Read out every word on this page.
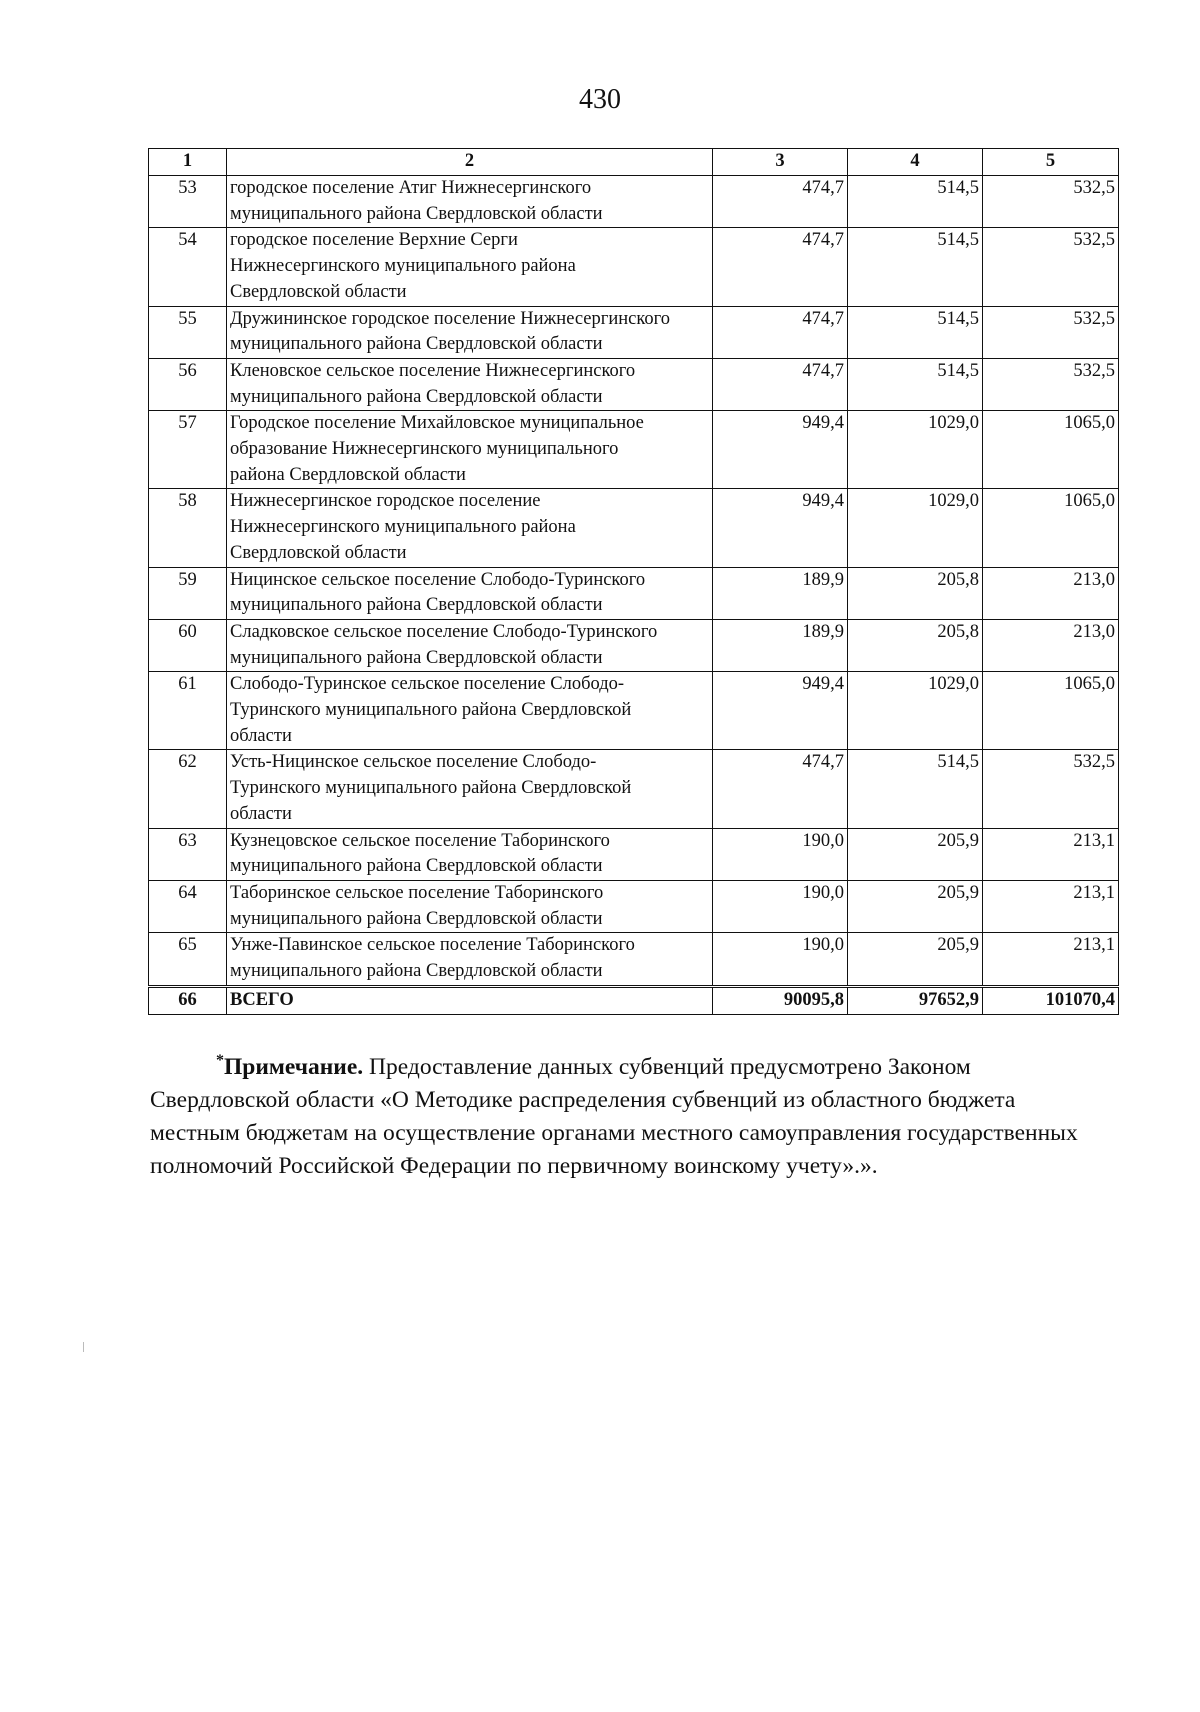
430
1	2	3	4	5
53	городское поселение Атиг Нижнесергинского
муниципального района Свердловской области	474,7	514,5	532,5
54	городское поселение Верхние Серги
Нижнесергинского муниципального района
Свердловской области	474,7	514,5	532,5
55	Дружининское городское поселение Нижнесергинского
муниципального района Свердловской области	474,7	514,5	532,5
56	Кленовское сельское поселение Нижнесергинского
муниципального района Свердловской области	474,7	514,5	532,5
57	Городское поселение Михайловское муниципальное
образование Нижнесергинского муниципального
района Свердловской области	949,4	1029,0	1065,0
58	Нижнесергинское городское поселение
Нижнесергинского муниципального района
Свердловской области	949,4	1029,0	1065,0
59	Ницинское сельское поселение Слободо-Туринского
муниципального района Свердловской области	189,9	205,8	213,0
60	Сладковское сельское поселение Слободо-Туринского
муниципального района Свердловской области	189,9	205,8	213,0
61	Слободо-Туринское сельское поселение Слободо-
Туринского муниципального района Свердловской
области	949,4	1029,0	1065,0
62	Усть-Ницинское сельское поселение Слободо-
Туринского муниципального района Свердловской
области	474,7	514,5	532,5
63	Кузнецовское сельское поселение Таборинского
муниципального района Свердловской области	190,0	205,9	213,1
64	Таборинское сельское поселение Таборинского
муниципального района Свердловской области	190,0	205,9	213,1
65	Унже-Павинское сельское поселение Таборинского
муниципального района Свердловской области	190,0	205,9	213,1
66	ВСЕГО	90095,8	97652,9	101070,4
*Примечание. Предоставление данных субвенций предусмотрено Законом
Свердловской области «О Методике распределения субвенций из областного бюджета
местным бюджетам на осуществление органами местного самоуправления государственных
полномочий Российской Федерации по первичному воинскому учету».».
